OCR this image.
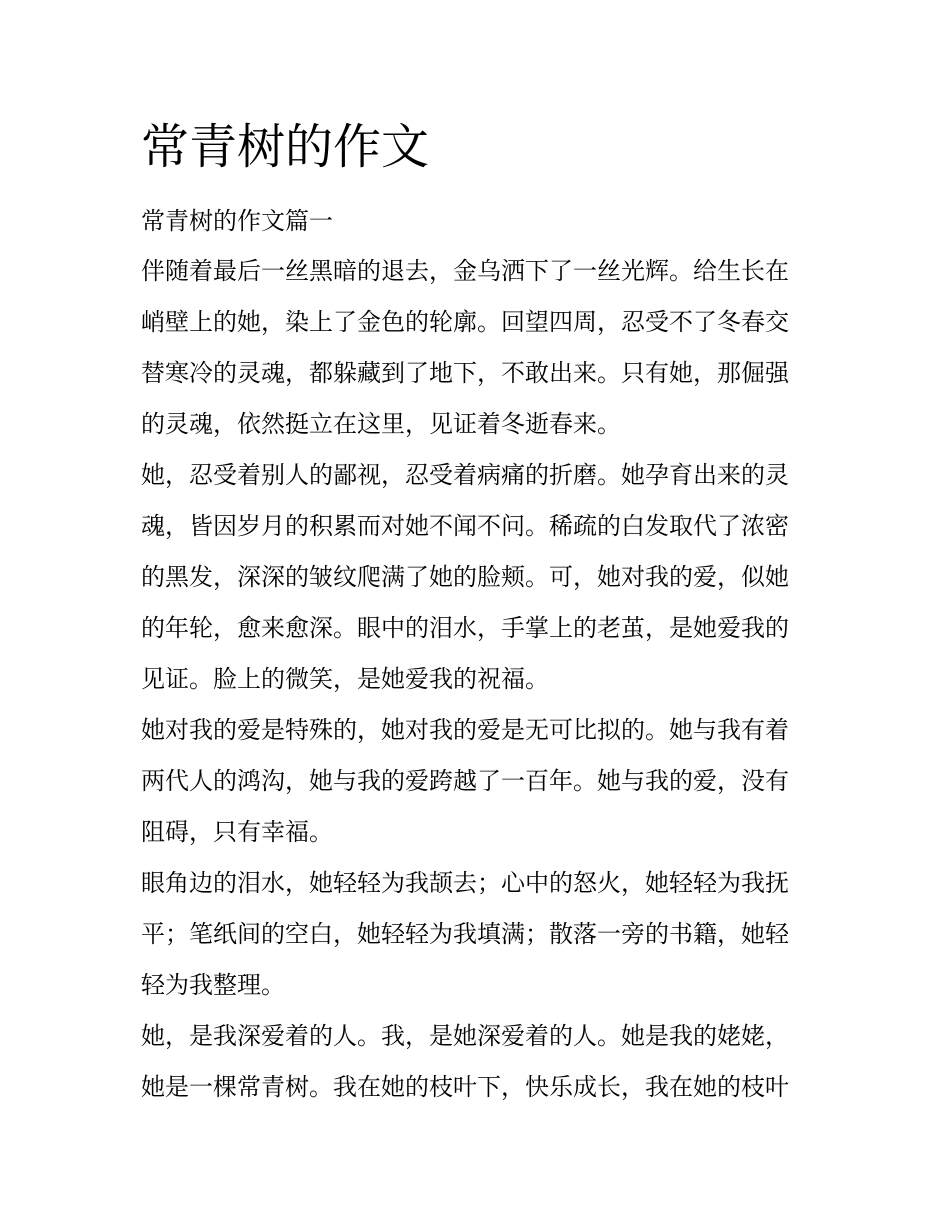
常青树的作文

常青树的作文篇一

伴随着最后一丝黑暗的退去，金乌洒下了一丝光辉。给生长在
峭壁上的她，染上了金色的轮廓。回望四周，忍受不了冬春交
替寒冷的灵魂，都躲藏到了地下，不敢出来。只有她，那倔强
的灵魂，依然挺立在这里，见证着冬逝春来。

她，忍受着别人的鄙视，忍受着病痛的折磨。她孕育出来的灵
魂，皆因岁月的积累而对她不闻不问。稀疏的白发取代了浓密
的黑发，深深的皱纹爬满了她的脸颊。可，她对我的爱，似她
的年轮，愈来愈深。眼中的泪水，手掌上的老茧，是她爱我的
见证。脸上的微笑，是她爱我的祝福。

她对我的爱是特殊的，她对我的爱是无可比拟的。她与我有着
两代人的鸿沟，她与我的爱跨越了一百年。她与我的爱，没有
阻碍，只有幸福。

眼角边的泪水，她轻轻为我颉去；心中的怒火，她轻轻为我抚
平；笔纸间的空白，她轻轻为我填满；散落一旁的书籍，她轻
轻为我整理。

她，是我深爱着的人。我，是她深爱着的人。她是我的姥姥，
她是一棵常青树。我在她的枝叶下，快乐成长，我在她的枝叶
